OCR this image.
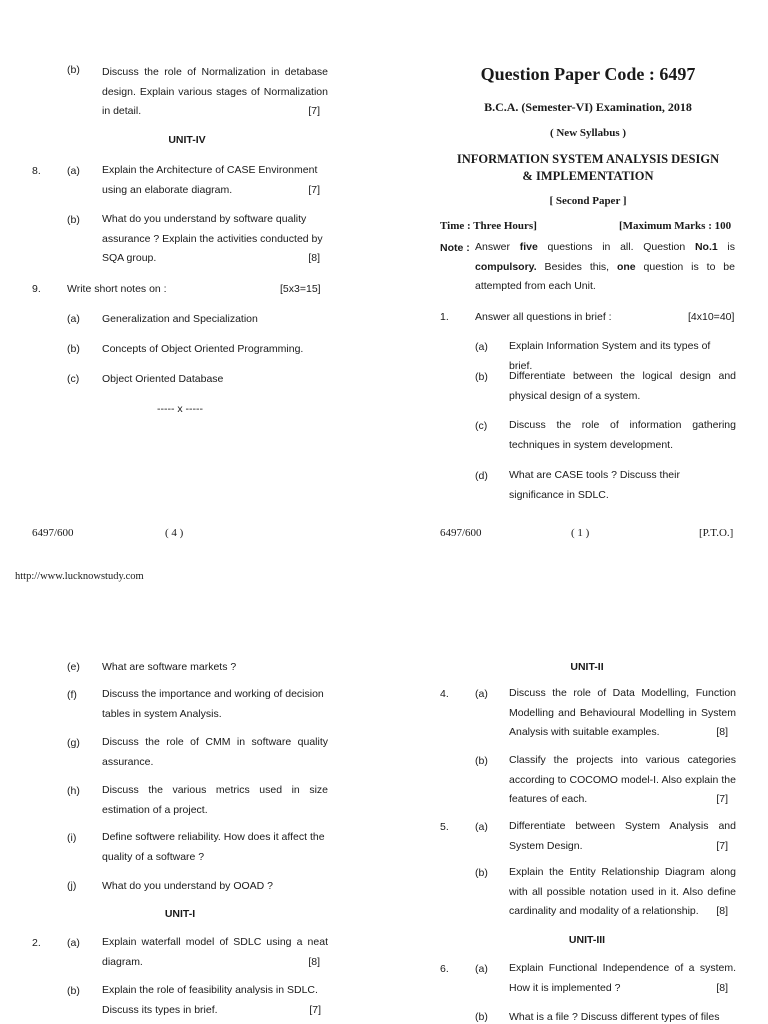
(b) Discuss the role of Normalization in detabase design. Explain various stages of Normalization in detail.	[7]
UNIT-IV
8. (a) Explain the Architecture of CASE Environment using an elaborate diagram.	[7]
(b) What do you understand by software quality assurance ? Explain the activities conducted by SQA group.	[8]
9. Write short notes on :	[5x3=15]
(a) Generalization and Specialization
(b) Concepts of Object Oriented Programming.
(c) Object Oriented Database
----- x -----
6497/600	( 4 )
Question Paper Code : 6497
B.C.A. (Semester-VI) Examination, 2018
( New Syllabus )
INFORMATION SYSTEM ANALYSIS DESIGN
& IMPLEMENTATION
[ Second Paper ]
Time : Three Hours]	[Maximum Marks : 100
Note : Answer five questions in all. Question No.1 is compulsory. Besides this, one question is to be attempted from each Unit.
1. Answer all questions in brief :	[4x10=40]
(a) Explain Information System and its types of brief.
(b) Differentiate between the logical design and physical design of a system.
(c) Discuss the role of information gathering techniques in system development.
(d) What are CASE tools ? Discuss their significance in SDLC.
6497/600	( 1 )	[P.T.O.]
http://www.lucknowstudy.com
(e) What are software markets ?
(f) Discuss the importance and working of decision tables in system Analysis.
(g) Discuss the role of CMM in software quality assurance.
(h) Discuss the various metrics used in size estimation of a project.
(i) Define softwere reliability. How does it affect the quality of a software ?
(j) What do you understand by OOAD ?
UNIT-I
2. (a) Explain waterfall model of SDLC using a neat diagram.	[8]
(b) Explain the role of feasibility analysis in SDLC. Discuss its types in brief.	[7]
UNIT-II
4. (a) Discuss the role of Data Modelling, Function Modelling and Behavioural Modelling in System Analysis with suitable examples.	[8]
(b) Classify the projects into various categories according to COCOMO model-I. Also explain the features of each.	[7]
5. (a) Differentiate between System Analysis and System Design.	[7]
(b) Explain the Entity Relationship Diagram along with all possible notation used in it. Also define cardinality and modality of a relationship. [8]
UNIT-III
6. (a) Explain Functional Independence of a system. How it is implemented ?	[8]
(b) What is a file ? Discuss different types of files
